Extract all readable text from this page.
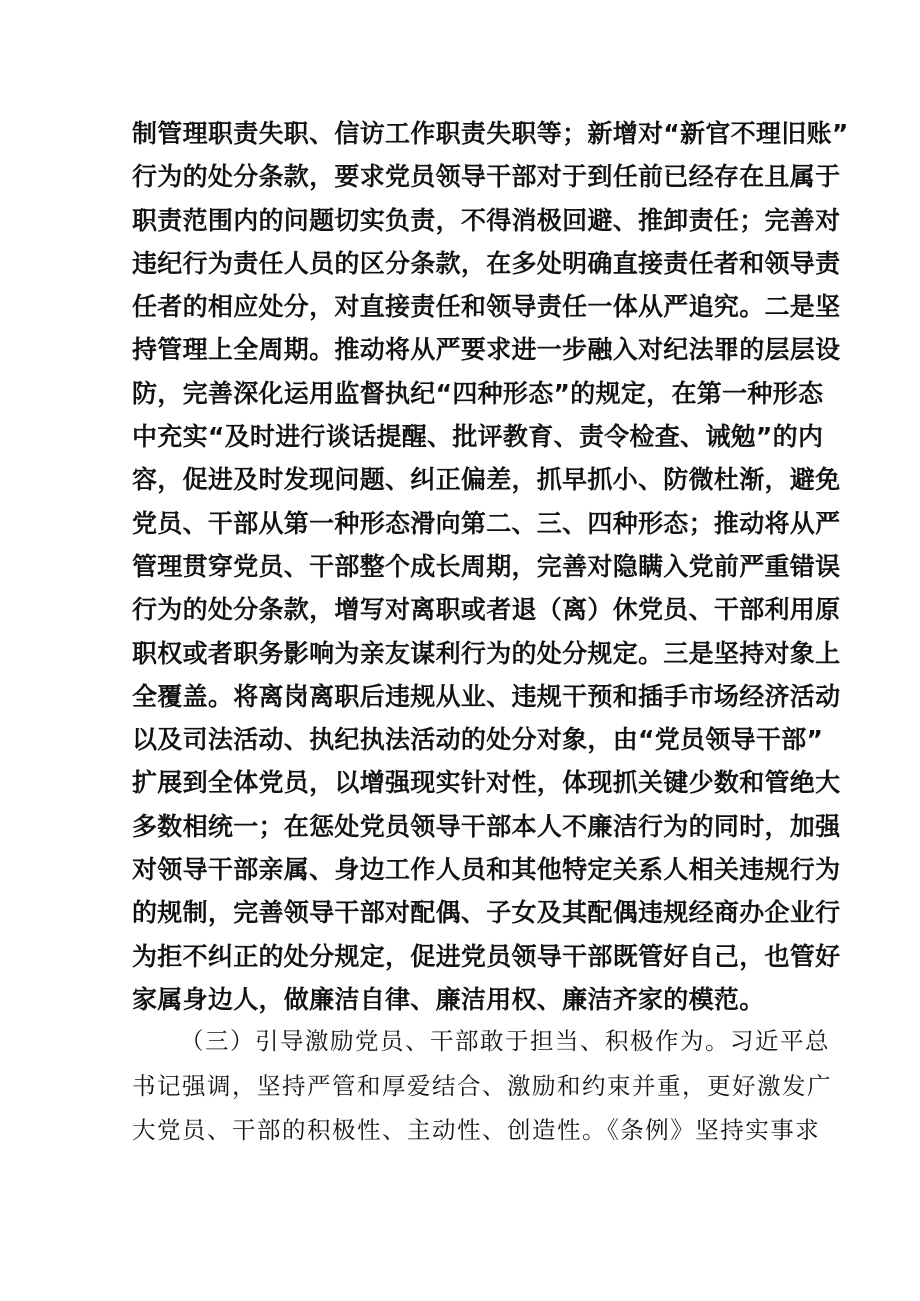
制管理职责失职、信访工作职责失职等；新增对“新官不理旧账”
行为的处分条款，要求党员领导干部对于到任前已经存在且属于
职责范围内的问题切实负责，不得消极回避、推卸责任；完善对
违纪行为责任人员的区分条款，在多处明确直接责任者和领导责
任者的相应处分，对直接责任和领导责任一体从严追究。二是坚
持管理上全周期。推动将从严要求进一步融入对纪法罪的层层设
防，完善深化运用监督执纪“四种形态”的规定，在第一种形态
中充实“及时进行谈话提醒、批评教育、责令检查、诫勉”的内
容，促进及时发现问题、纠正偏差，抓早抓小、防微杜渐，避免
党员、干部从第一种形态滑向第二、三、四种形态；推动将从严
管理贯穿党员、干部整个成长周期，完善对隐瞒入党前严重错误
行为的处分条款，增写对离职或者退（离）休党员、干部利用原
职权或者职务影响为亲友谋利行为的处分规定。三是坚持对象上
全覆盖。将离岗离职后违规从业、违规干预和插手市场经济活动
以及司法活动、执纪执法活动的处分对象，由“党员领导干部”
扩展到全体党员，以增强现实针对性，体现抓关键少数和管绝大
多数相统一；在惩处党员领导干部本人不廉洁行为的同时，加强
对领导干部亲属、身边工作人员和其他特定关系人相关违规行为
的规制，完善领导干部对配偶、子女及其配偶违规经商办企业行
为拒不纠正的处分规定，促进党员领导干部既管好自己，也管好
家属身边人，做廉洁自律、廉洁用权、廉洁齐家的模范。
（三）引导激励党员、干部敢于担当、积极作为。习近平总
书记强调，坚持严管和厚爱结合、激励和约束并重，更好激发广
大党员、干部的积极性、主动性、创造性。《条例》坚持实事求
